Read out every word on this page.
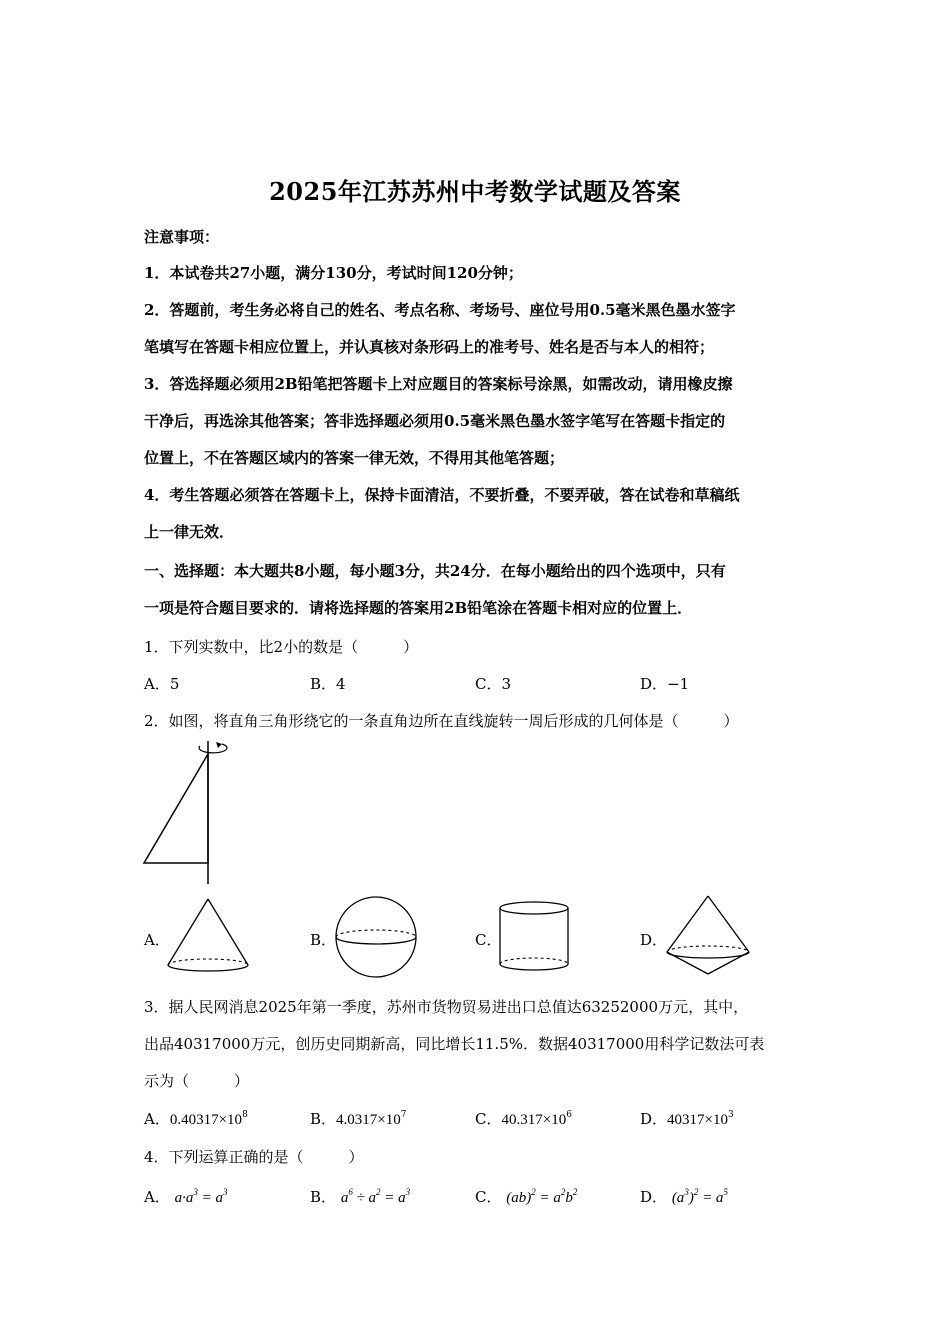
2025年江苏苏州中考数学试题及答案
注意事项：
1．本试卷共27小题，满分130分，考试时间120分钟；
2．答题前，考生务必将自己的姓名、考点名称、考场号、座位号用0.5毫米黑色墨水签字
笔填写在答题卡相应位置上，并认真核对条形码上的准考号、姓名是否与本人的相符；
3．答选择题必须用2B铅笔把答题卡上对应题目的答案标号涂黑，如需改动，请用橡皮擦
干净后，再选涂其他答案；答非选择题必须用0.5毫米黑色墨水签字笔写在答题卡指定的
位置上，不在答题区域内的答案一律无效，不得用其他笔答题；
4．考生答题必须答在答题卡上，保持卡面清洁，不要折叠，不要弄破，答在试卷和草稿纸
上一律无效．
一、选择题：本大题共8小题，每小题3分，共24分．在每小题给出的四个选项中，只有
一项是符合题目要求的．请将选择题的答案用2B铅笔涂在答题卡相对应的位置上．
1．下列实数中，比2小的数是（　　　）
A．5	B．4	C．3	D．−1
2．如图，将直角三角形绕它的一条直角边所在直线旋转一周后形成的几何体是（　　　）
A．	B．	C．	D．
3．据人民网消息2025年第一季度，苏州市货物贸易进出口总值达63252000万元，其中，
出品40317000万元，创历史同期新高，同比增长11.5%．数据40317000用科学记数法可表
示为（　　　）
A．$0.40317\times 10^8$	B．$4.0317\times 10^7$	C．$40.317\times 10^6$	D．$40317\times 10^3$
4．下列运算正确的是（　　　）
A． $a\cdot a^3 = a^3$	B． $a^6 \div a^2 = a^3$	C． $(ab)^2 = a^2b^2$	D． $(a^3)^2 = a^5$
